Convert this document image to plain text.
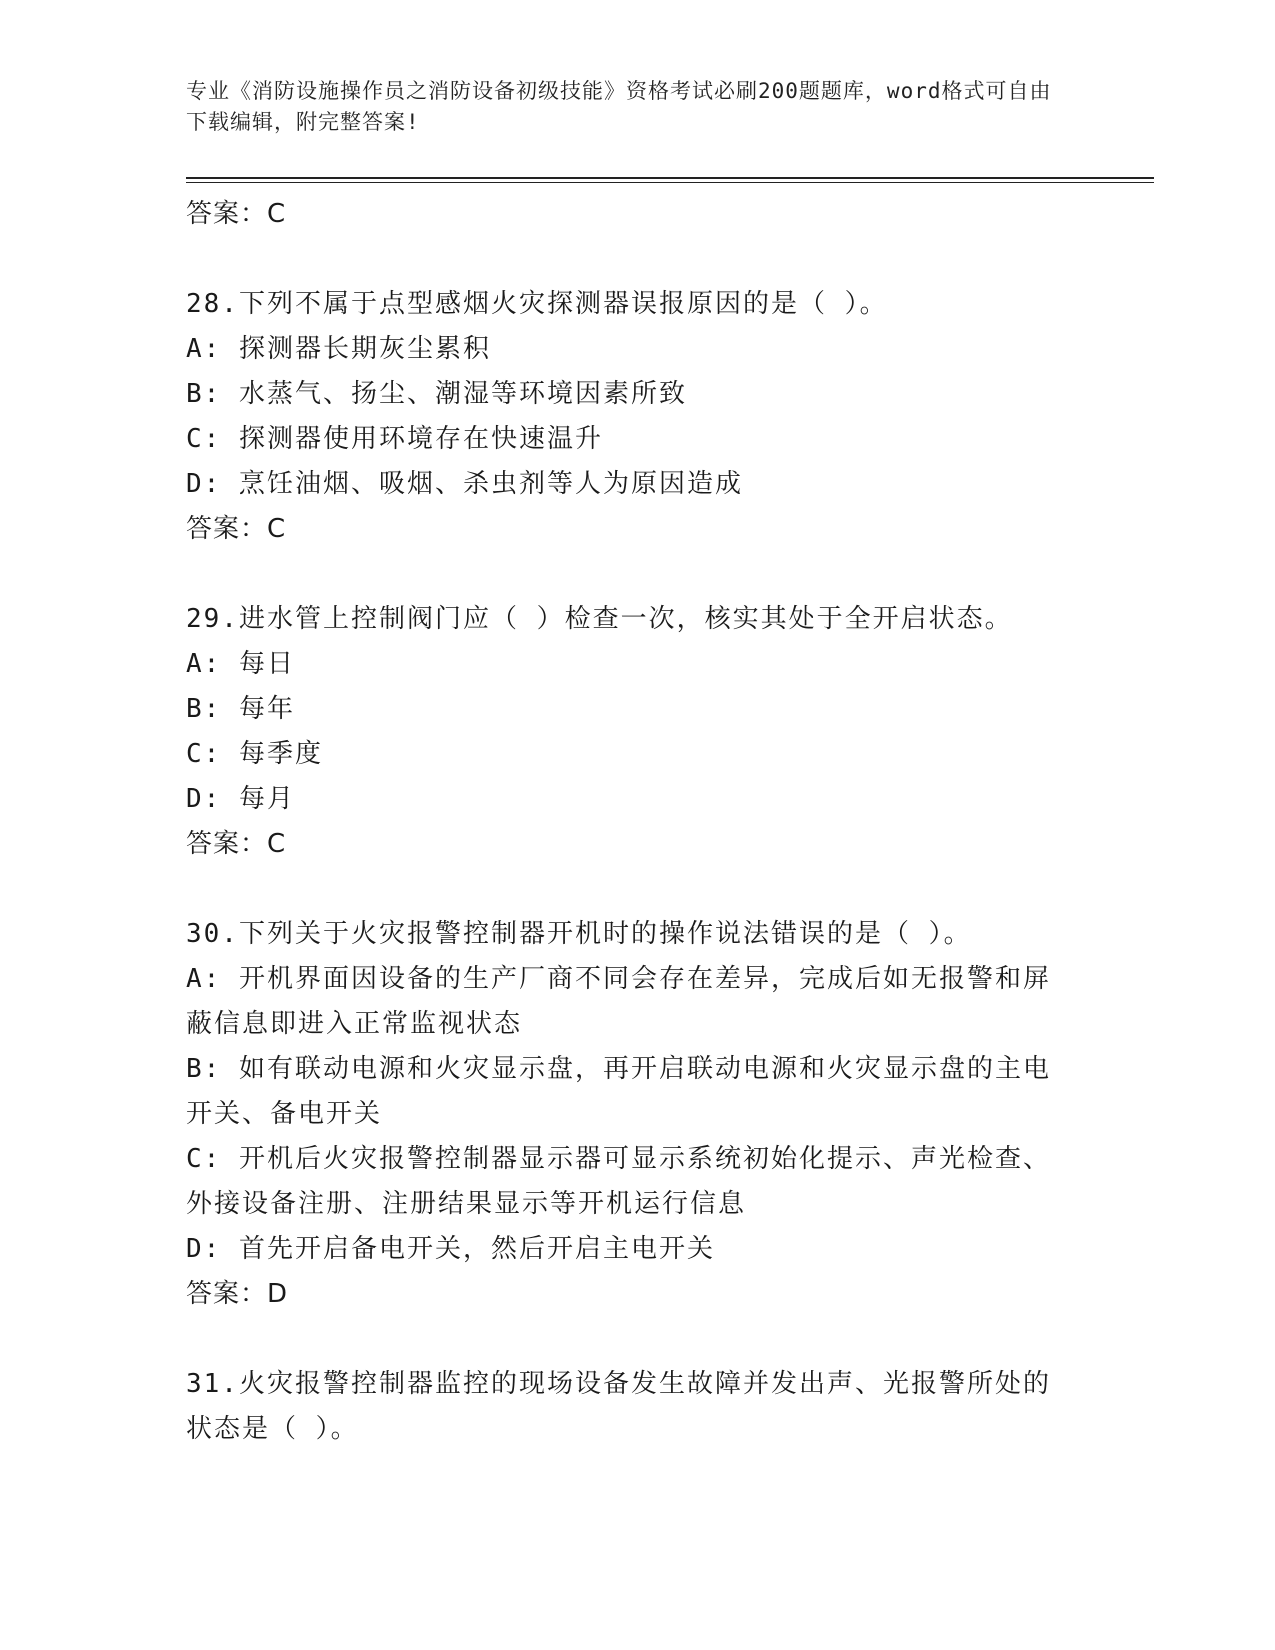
专业《消防设施操作员之消防设备初级技能》资格考试必刷200题题库，word格式可自由下载编辑，附完整答案!
答案：C
28.下列不属于点型感烟火灾探测器误报原因的是（ ）。
A: 探测器长期灰尘累积
B: 水蒸气、扬尘、潮湿等环境因素所致
C: 探测器使用环境存在快速温升
D: 烹饪油烟、吸烟、杀虫剂等人为原因造成
答案：C
29.进水管上控制阀门应（ ）检查一次，核实其处于全开启状态。
A: 每日
B: 每年
C: 每季度
D: 每月
答案：C
30.下列关于火灾报警控制器开机时的操作说法错误的是（ ）。
A: 开机界面因设备的生产厂商不同会存在差异，完成后如无报警和屏蔽信息即进入正常监视状态
B: 如有联动电源和火灾显示盘，再开启联动电源和火灾显示盘的主电开关、备电开关
C: 开机后火灾报警控制器显示器可显示系统初始化提示、声光检查、外接设备注册、注册结果显示等开机运行信息
D: 首先开启备电开关，然后开启主电开关
答案：D
31.火灾报警控制器监控的现场设备发生故障并发出声、光报警所处的状态是（ ）。
